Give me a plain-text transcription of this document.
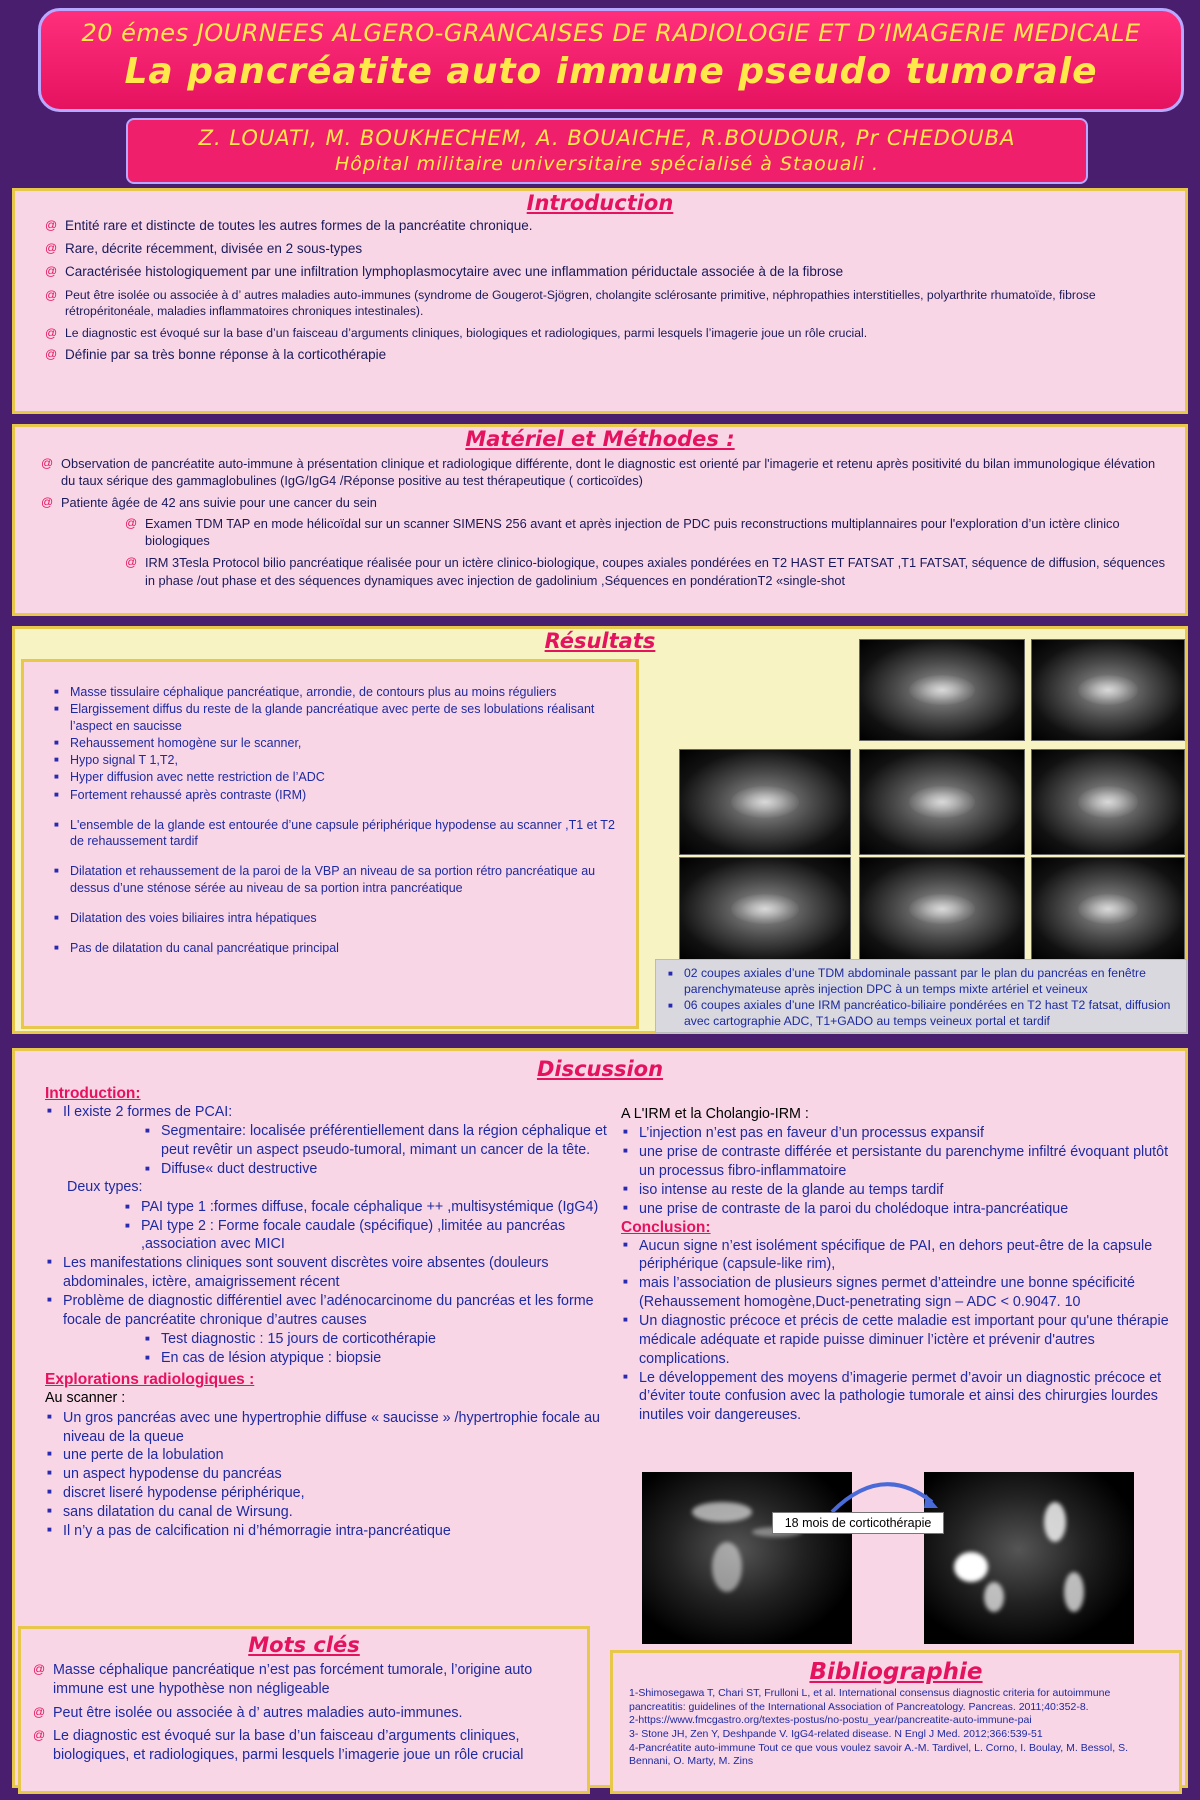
20 émes JOURNEES ALGERO-GRANCAISES DE RADIOLOGIE ET D’IMAGERIE MEDICALE
La pancréatite auto immune pseudo tumorale
Z. LOUATI, M. BOUKHECHEM, A. BOUAICHE, R.BOUDOUR, Pr CHEDOUBA
Hôpital militaire universitaire spécialisé à Staouali .
Introduction
@ Entité rare et distincte de toutes les autres formes de la pancréatite chronique.
@ Rare, décrite récemment, divisée en 2 sous-types
@ Caractérisée histologiquement par une infiltration lymphoplasmocytaire avec une inflammation périductale associée à de la fibrose
@ Peut être isolée ou associée à d’ autres maladies auto-immunes (syndrome de Gougerot-Sjögren, cholangite sclérosante primitive, néphropathies interstitielles, polyarthrite rhumatoïde, fibrose rétropéritonéale, maladies inflammatoires chroniques intestinales).
@ Le diagnostic est évoqué sur la base d’un faisceau d’arguments cliniques, biologiques et radiologiques, parmi lesquels l’imagerie joue un rôle crucial.
@ Définie par sa très bonne réponse à la corticothérapie
Matériel et Méthodes :
@ Observation de pancréatite auto-immune à présentation clinique et radiologique différente, dont le diagnostic est orienté par l'imagerie et retenu après positivité du bilan immunologique élévation du taux sérique des gammaglobulines (IgG/IgG4 /Réponse positive au test thérapeutique ( corticoïdes)
@ Patiente âgée de 42 ans suivie pour une cancer du sein
@ Examen TDM TAP en mode hélicoïdal sur un scanner SIMENS 256 avant et après injection de PDC puis reconstructions multiplannaires pour l'exploration d’un ictère clinico biologiques
@ IRM 3Tesla Protocol bilio pancréatique réalisée pour un ictère clinico-biologique, coupes axiales pondérées en T2 HAST ET FATSAT ,T1 FATSAT, séquence de diffusion, séquences in phase /out phase et des séquences dynamiques avec injection de gadolinium ,Séquences en pondérationT2 «single-shot
Résultats
■ Masse tissulaire céphalique pancréatique, arrondie, de contours plus au moins réguliers
■ Elargissement diffus du reste de la glande pancréatique avec perte de ses lobulations réalisant l’aspect en saucisse
■ Rehaussement homogène sur le scanner,
■ Hypo signal T 1,T2,
■ Hyper diffusion avec nette restriction de l’ADC
■ Fortement rehaussé après contraste (IRM)
■ L'ensemble de la glande est entourée d’une capsule périphérique hypodense au scanner ,T1 et T2 de rehaussement tardif
■ Dilatation et rehaussement de la paroi de la VBP an niveau de sa portion rétro pancréatique au dessus d’une sténose sérée au niveau de sa portion intra pancréatique
■ Dilatation des voies biliaires intra hépatiques
■ Pas de dilatation du canal pancréatique principal
■ 02 coupes axiales d’une TDM abdominale passant par le plan du pancréas en fenêtre parenchymateuse après injection DPC à un temps mixte artériel et veineux
■ 06 coupes axiales d’une IRM pancréatico-biliaire pondérées en T2 hast T2 fatsat, diffusion avec cartographie ADC, T1+GADO au temps veineux portal et tardif
Discussion
Introduction:
■ Il existe 2 formes de PCAI:
■ Segmentaire: localisée préférentiellement dans la région céphalique et peut revêtir un aspect pseudo-tumoral, mimant un cancer de la tête.
■ Diffuse« duct destructive
Deux types:
■ PAI type 1 :formes diffuse, focale céphalique ++ ,multisystémique (IgG4)
■ PAI type 2 : Forme focale caudale (spécifique) ,limitée au pancréas ,association avec MICI
■ Les manifestations cliniques sont souvent discrètes voire absentes (douleurs abdominales, ictère, amaigrissement récent
■ Problème de diagnostic différentiel avec l’adénocarcinome du pancréas et les forme focale de pancréatite chronique d’autres causes
■ Test diagnostic : 15 jours de corticothérapie
■ En cas de lésion atypique : biopsie
Explorations radiologiques :
Au scanner :
■ Un gros pancréas avec une hypertrophie diffuse « saucisse » /hypertrophie focale au niveau de la queue
■ une perte de la lobulation
■ un aspect hypodense du pancréas
■ discret liseré hypodense périphérique,
■ sans dilatation du canal de Wirsung.
■ Il n’y a pas de calcification ni d’hémorragie intra-pancréatique
A L'IRM et la Cholangio-IRM :
■ L’injection n’est pas en faveur d’un processus expansif
■ une prise de contraste différée et persistante du parenchyme infiltré évoquant plutôt un processus fibro-inflammatoire
■ iso intense au reste de la glande au temps tardif
■ une prise de contraste de la paroi du cholédoque intra-pancréatique
Conclusion:
■ Aucun signe n’est isolément spécifique de PAI, en dehors peut-être de la capsule périphérique (capsule-like rim),
■ mais l’association de plusieurs signes permet d’atteindre une bonne spécificité (Rehaussement homogène,Duct-penetrating sign – ADC < 0.9047. 10
■ Un diagnostic précoce et précis de cette maladie est important pour qu'une thérapie médicale adéquate et rapide puisse diminuer l’ictère et prévenir d'autres complications.
■ Le développement des moyens d’imagerie permet d’avoir un diagnostic précoce et d’éviter toute confusion avec la pathologie tumorale et ainsi des chirurgies lourdes inutiles voir dangereuses.
18 mois de corticothérapie
Mots clés
@ Masse céphalique pancréatique n’est pas forcément tumorale, l’origine auto immune est une hypothèse non négligeable
@ Peut être isolée ou associée à d’ autres maladies auto-immunes.
@ Le diagnostic est évoqué sur la base d’un faisceau d’arguments cliniques, biologiques, et radiologiques, parmi lesquels l’imagerie joue un rôle crucial
Bibliographie
1-Shimosegawa T, Chari ST, Frulloni L, et al. International consensus diagnostic criteria for autoimmune pancreatitis: guidelines of the International Association of Pancreatology. Pancreas. 2011;40:352-8.
2-https://www.fmcgastro.org/textes-postus/no-postu_year/pancreatite-auto-immune-pai
3- Stone JH, Zen Y, Deshpande V. IgG4-related disease. N Engl J Med. 2012;366:539-51
4-Pancréatite auto-immune Tout ce que vous voulez savoir A.-M. Tardivel, L. Corno, I. Boulay, M. Bessol, S. Bennani, O. Marty, M. Zins
